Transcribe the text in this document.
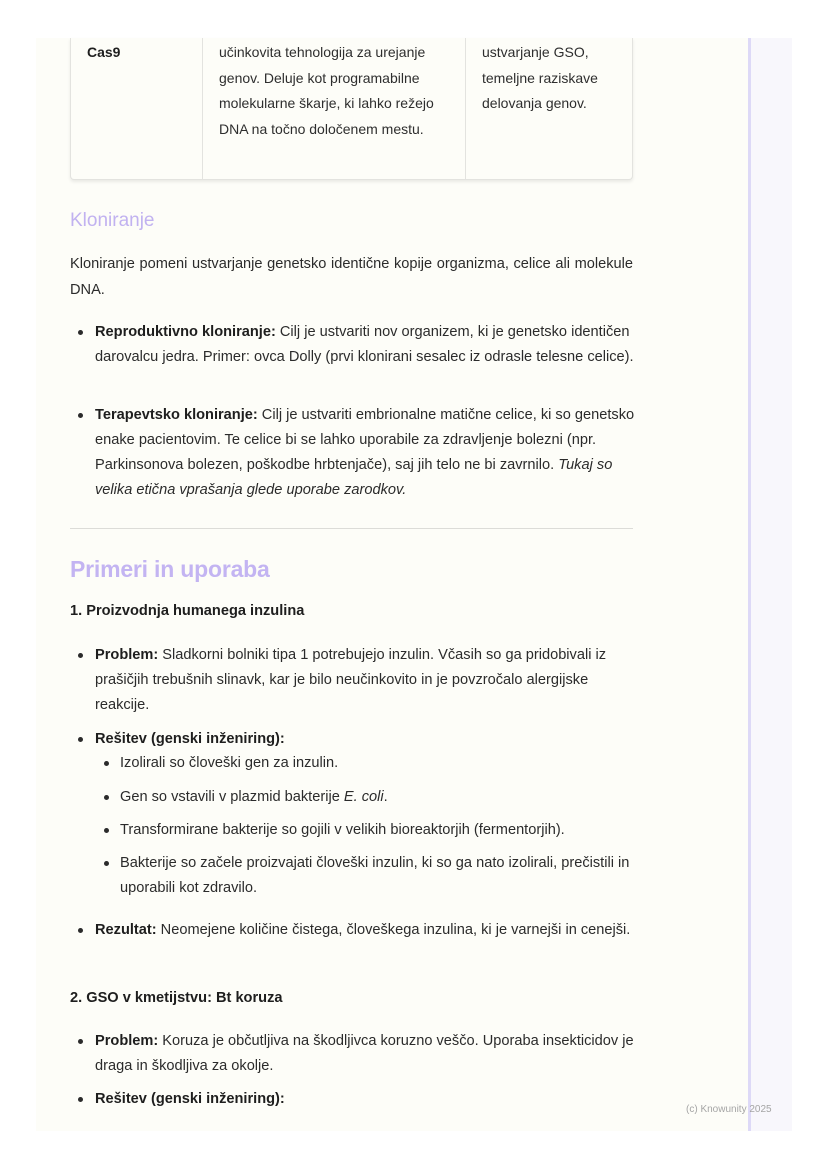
Cas9	učinkovita tehnologija za urejanje genov. Deluje kot programabilne molekularne škarje, ki lahko režejo DNA na točno določenem mestu.
ustvarjanje GSO, temeljne raziskave delovanja genov.
Kloniranje

Kloniranje pomeni ustvarjanje genetsko identične kopije organizma, celice ali molekule DNA.

Reproduktivno kloniranje: Cilj je ustvariti nov organizem, ki je genetsko identičen darovalcu jedra. Primer: ovca Dolly (prvi klonirani sesalec iz odrasle telesne celice).

Terapevtsko kloniranje: Cilj je ustvariti embrionalne matične celice, ki so genetsko enake pacientovim. Te celice bi se lahko uporabile za zdravljenje bolezni (npr. Parkinsonova bolezen, poškodbe hrbtenjače), saj jih telo ne bi zavrnilo. Tukaj so velika etična vprašanja glede uporabe zarodkov.

Primeri in uporaba
1. Proizvodnja humanega inzulina

Problem: Sladkorni bolniki tipa 1 potrebujejo inzulin. Včasih so ga pridobivali iz prašičjih trebušnih slinavk, kar je bilo neučinkovito in je povzročalo alergijske reakcije.

Rešitev (genski inženiring):

Izolirali so človeški gen za inzulin.

Gen so vstavili v plazmid bakterije E. coli.

Transformirane bakterije so gojili v velikih bioreaktorjih (fermentorjih).

Bakterije so začele proizvajati človeški inzulin, ki so ga nato izolirali, prečistili in uporabili kot zdravilo.

Rezultat: Neomejene količine čistega, človeškega inzulina, ki je varnejši in cenejši.

2. GSO v kmetijstvu: Bt koruza

Problem: Koruza je občutljiva na škodljivca koruzno veščo. Uporaba insekticidov je draga in škodljiva za okolje.

Rešitev (genski inženiring):

(c) Knowunity 2025
